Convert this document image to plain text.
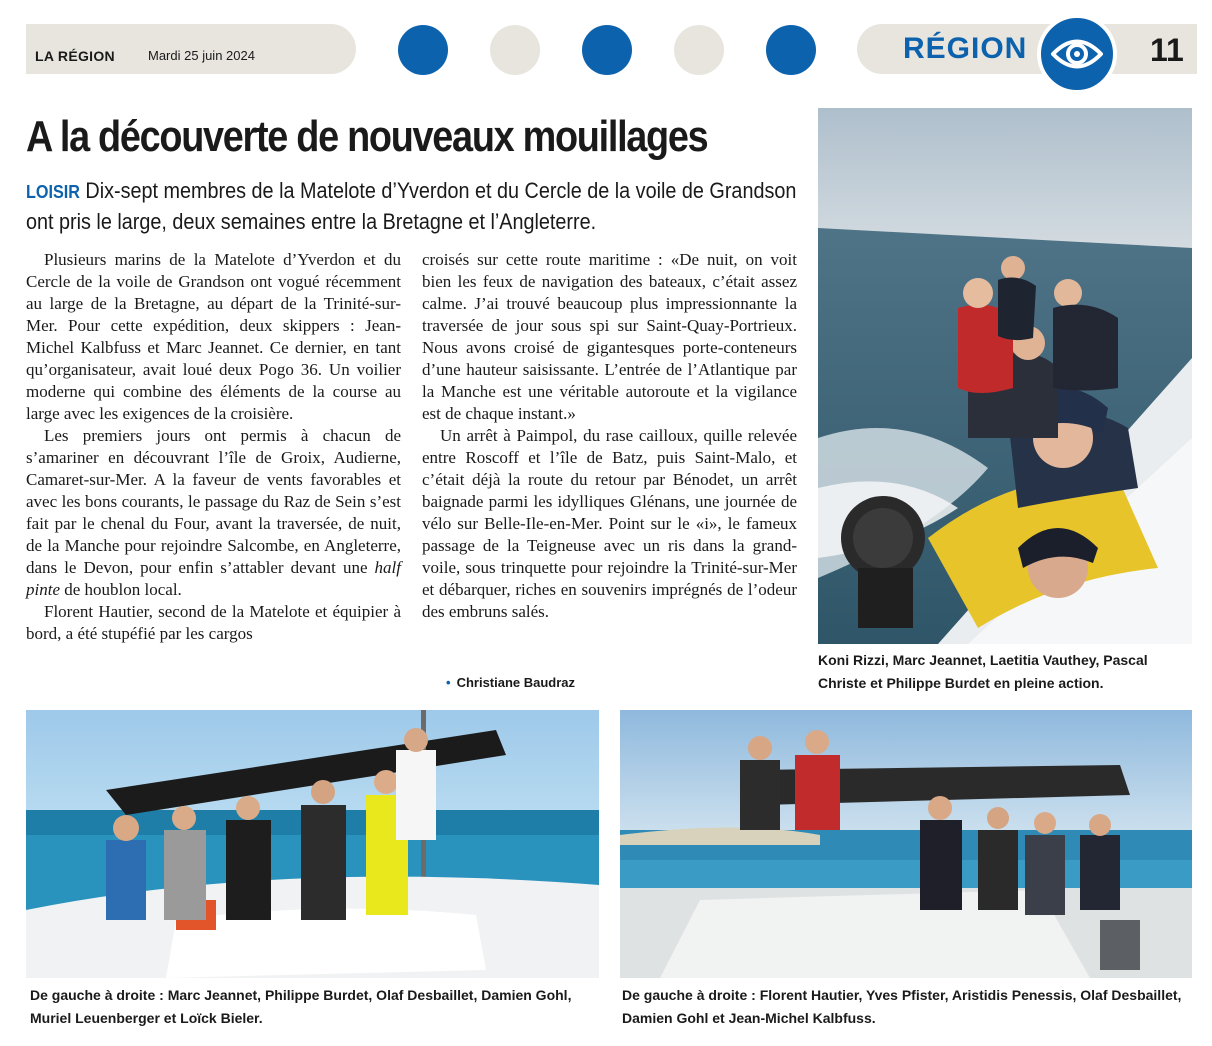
LA RÉGION	Mardi 25 juin 2024	RÉGION	11
A la découverte de nouveaux mouillages
LOISIR Dix-sept membres de la Matelote d’Yverdon et du Cercle de la voile de Grandson ont pris le large, deux semaines entre la Bretagne et l’Angleterre.

Plusieurs marins de la Matelote d’Yverdon et du Cercle de la voile de Grandson ont vogué récemment au large de la Bretagne, au départ de la Trinité-sur-Mer. Pour cette expédition, deux skippers : Jean-Michel Kalbfuss et Marc Jeannet. Ce dernier, en tant qu’organisateur, avait loué deux Pogo 36. Un voilier moderne qui combine des éléments de la course au large avec les exigences de la croisière.

Les premiers jours ont permis à chacun de s’amariner en découvrant l’île de Groix, Audierne, Camaret-sur-Mer. A la faveur de vents favorables et avec les bons courants, le passage du Raz de Sein s’est fait par le chenal du Four, avant la traversée, de nuit, de la Manche pour rejoindre Salcombe, en Angleterre, dans le Devon, pour enfin s’attabler devant une half pinte de houblon local.

Florent Hautier, second de la Matelote et équipier à bord, a été stupéfié par les cargos

croisés sur cette route maritime : «De nuit, on voit bien les feux de navigation des bateaux, c’était assez calme. J’ai trouvé beaucoup plus impressionnante la traversée de jour sous spi sur Saint-Quay-Portrieux. Nous avons croisé de gigantesques porte-conteneurs d’une hauteur saisissante. L’entrée de l’Atlantique par la Manche est une véritable autoroute et la vigilance est de chaque instant.»

Un arrêt à Paimpol, du rase cailloux, quille relevée entre Roscoff et l’île de Batz, puis Saint-Malo, et c’était déjà la route du retour par Bénodet, un arrêt baignade parmi les idylliques Glénans, une journée de vélo sur Belle-Ile-en-Mer. Point sur le «i», le fameux passage de la Teigneuse avec un ris dans la grand-voile, sous trinquette pour rejoindre la Trinité-sur-Mer et débarquer, riches en souvenirs imprégnés de l’odeur des embruns salés.

• Christiane Baudraz
Koni Rizzi, Marc Jeannet, Laetitia Vauthey, Pascal Christe et Philippe Burdet en pleine action.
De gauche à droite : Marc Jeannet, Philippe Burdet, Olaf Desbaillet, Damien Gohl, Muriel Leuenberger et Loïck Bieler.
De gauche à droite : Florent Hautier, Yves Pfister, Aristidis Penessis, Olaf Desbaillet, Damien Gohl et Jean-Michel Kalbfuss.
